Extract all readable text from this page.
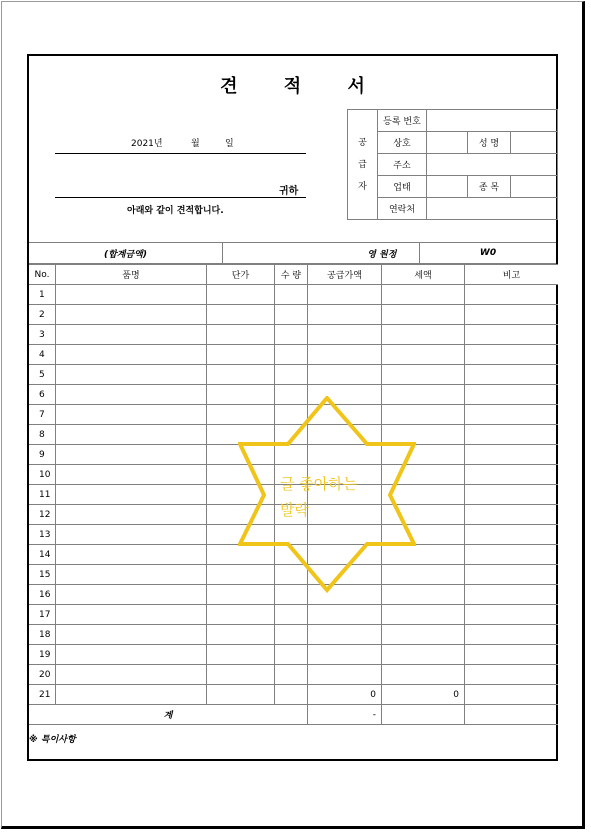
견 적 서
2021년	월	일
귀하
아래와 같이 견적합니다.
공
급
자	등록 번호			
	상호		성 명	
	주소			
	업태		종 목	
	연락처			
(합계금액)	영	원정	W0
No.	품명	단가	수 량	공급가액	세액	비고
1						
2						
3						
4						
5						
6						
7						
8						
9						
10						
11						
12						
13						
14						
15						
16						
17						
18						
19						
20						
21				0	0	
계				-		
※ 특이사항						
글 좋아하는
발락
